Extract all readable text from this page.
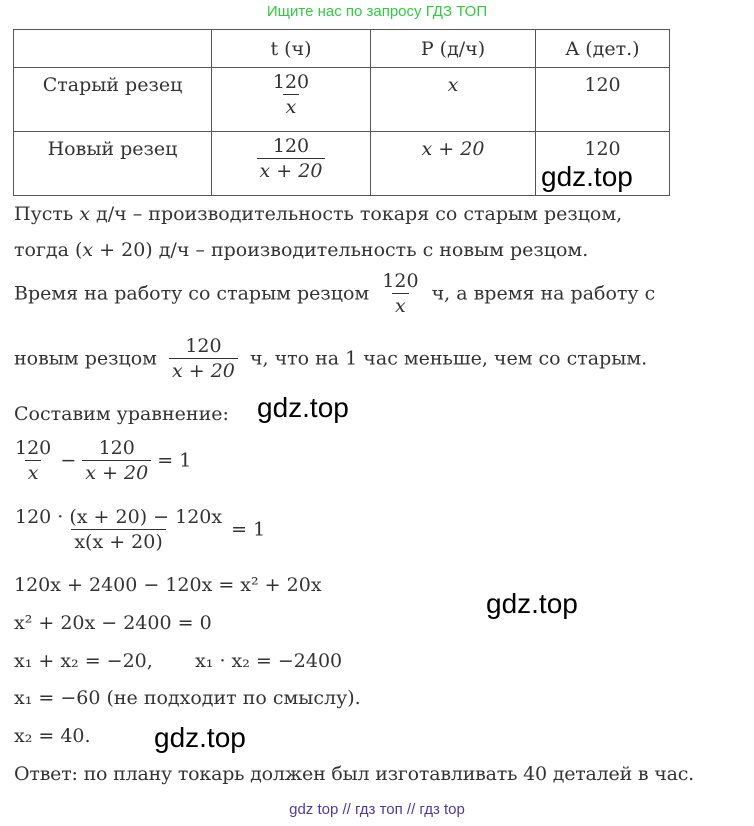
Ищите нас по запросу ГДЗ ТОП
	t (ч)	P (д/ч)	A (дет.)

Старый резец	$\frac{120}{x}$	x	120

Новый резец	$\frac{120}{x + 20}$	x + 20	120
gdz.top
Пусть x д/ч – производительность токаря со старым резцом,
тогда (x + 20) д/ч – производительность с новым резцом.
Время на работу со старым резцом $\frac{120}{x} ч$, а время на работу с
новым резцом $\frac{120}{x + 20} ч$, что на 1 час меньше, чем со старым.
Составим уравнение: gdz.top
$\frac{120}{x} - \frac{120}{x + 20} = 1$
$\frac{120 \cdot (x + 20) - 120x}{x(x + 20)} = 1$
120x + 2400 − 120x = x² + 20x
x² + 20x − 2400 = 0
gdz.top
x₁ + x₂ = −20,       x₁ · x₂ = −2400
x₁ = −60 (не подходит по смыслу).
x₂ = 40. gdz.top
Ответ: по плану токарь должен был изготавливать 40 деталей в час.
gdz top // гдз топ // гдз top
